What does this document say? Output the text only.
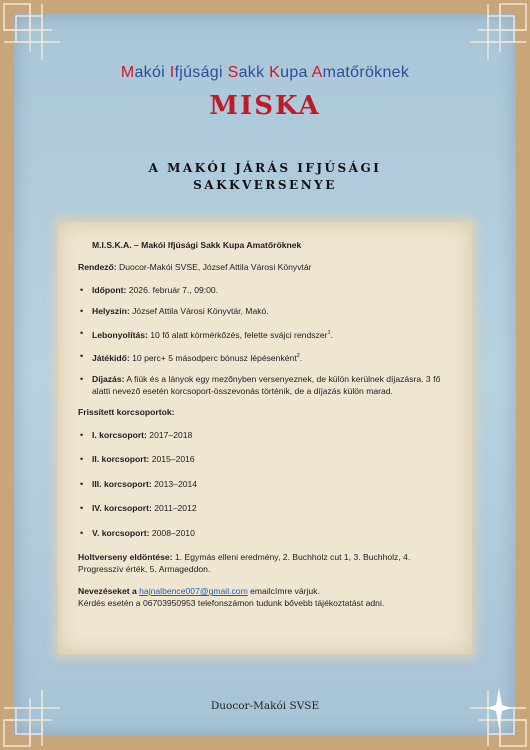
Makói Ifjúsági Sakk Kupa Amatőröknek
MISKA
A MAKÓI JÁRÁS IFJÚSÁGI
SAKKVERSENYE

M.I.S.K.A. – Makói Ifjúsági Sakk Kupa Amatőröknek

Rendező: Duocor-Makói SVSE, József Attila Városi Könyvtár

• Időpont: 2026. február 7., 09:00.
• Helyszín: József Attila Városi Könyvtár, Makó.
• Lebonyolítás: 10 fő alatt körmérkőzés, felette svájci rendszer$^1$.
• Játékidő: 10 perc+ 5 másodperc bónusz lépésenként$^2$.
• Díjazás: A fiúk és a lányok egy mezőnyben versenyeznek, de külön kerülnek díjazásra. 3 fő alatti nevező esetén korcsoport-összevonás történik, de a díjazás külön marad.

Frissített korcsoportok:

• I. korcsoport: 2017–2018
• II. korcsoport: 2015–2016
• III. korcsoport: 2013–2014
• IV. korcsoport: 2011–2012
• V. korcsoport: 2008–2010

Holtverseny eldöntése: 1. Egymás elleni eredmény, 2. Buchholz cut 1, 3. Buchholz, 4. Progresszív érték, 5. Armageddon.

Nevezéseket a hajnalbence007@gmail.com emailcímre várjuk.

Kérdés esetén a 06703950953 telefonszámon tudunk bővebb tájékoztatást adni.

Duocor-Makói SVSE
